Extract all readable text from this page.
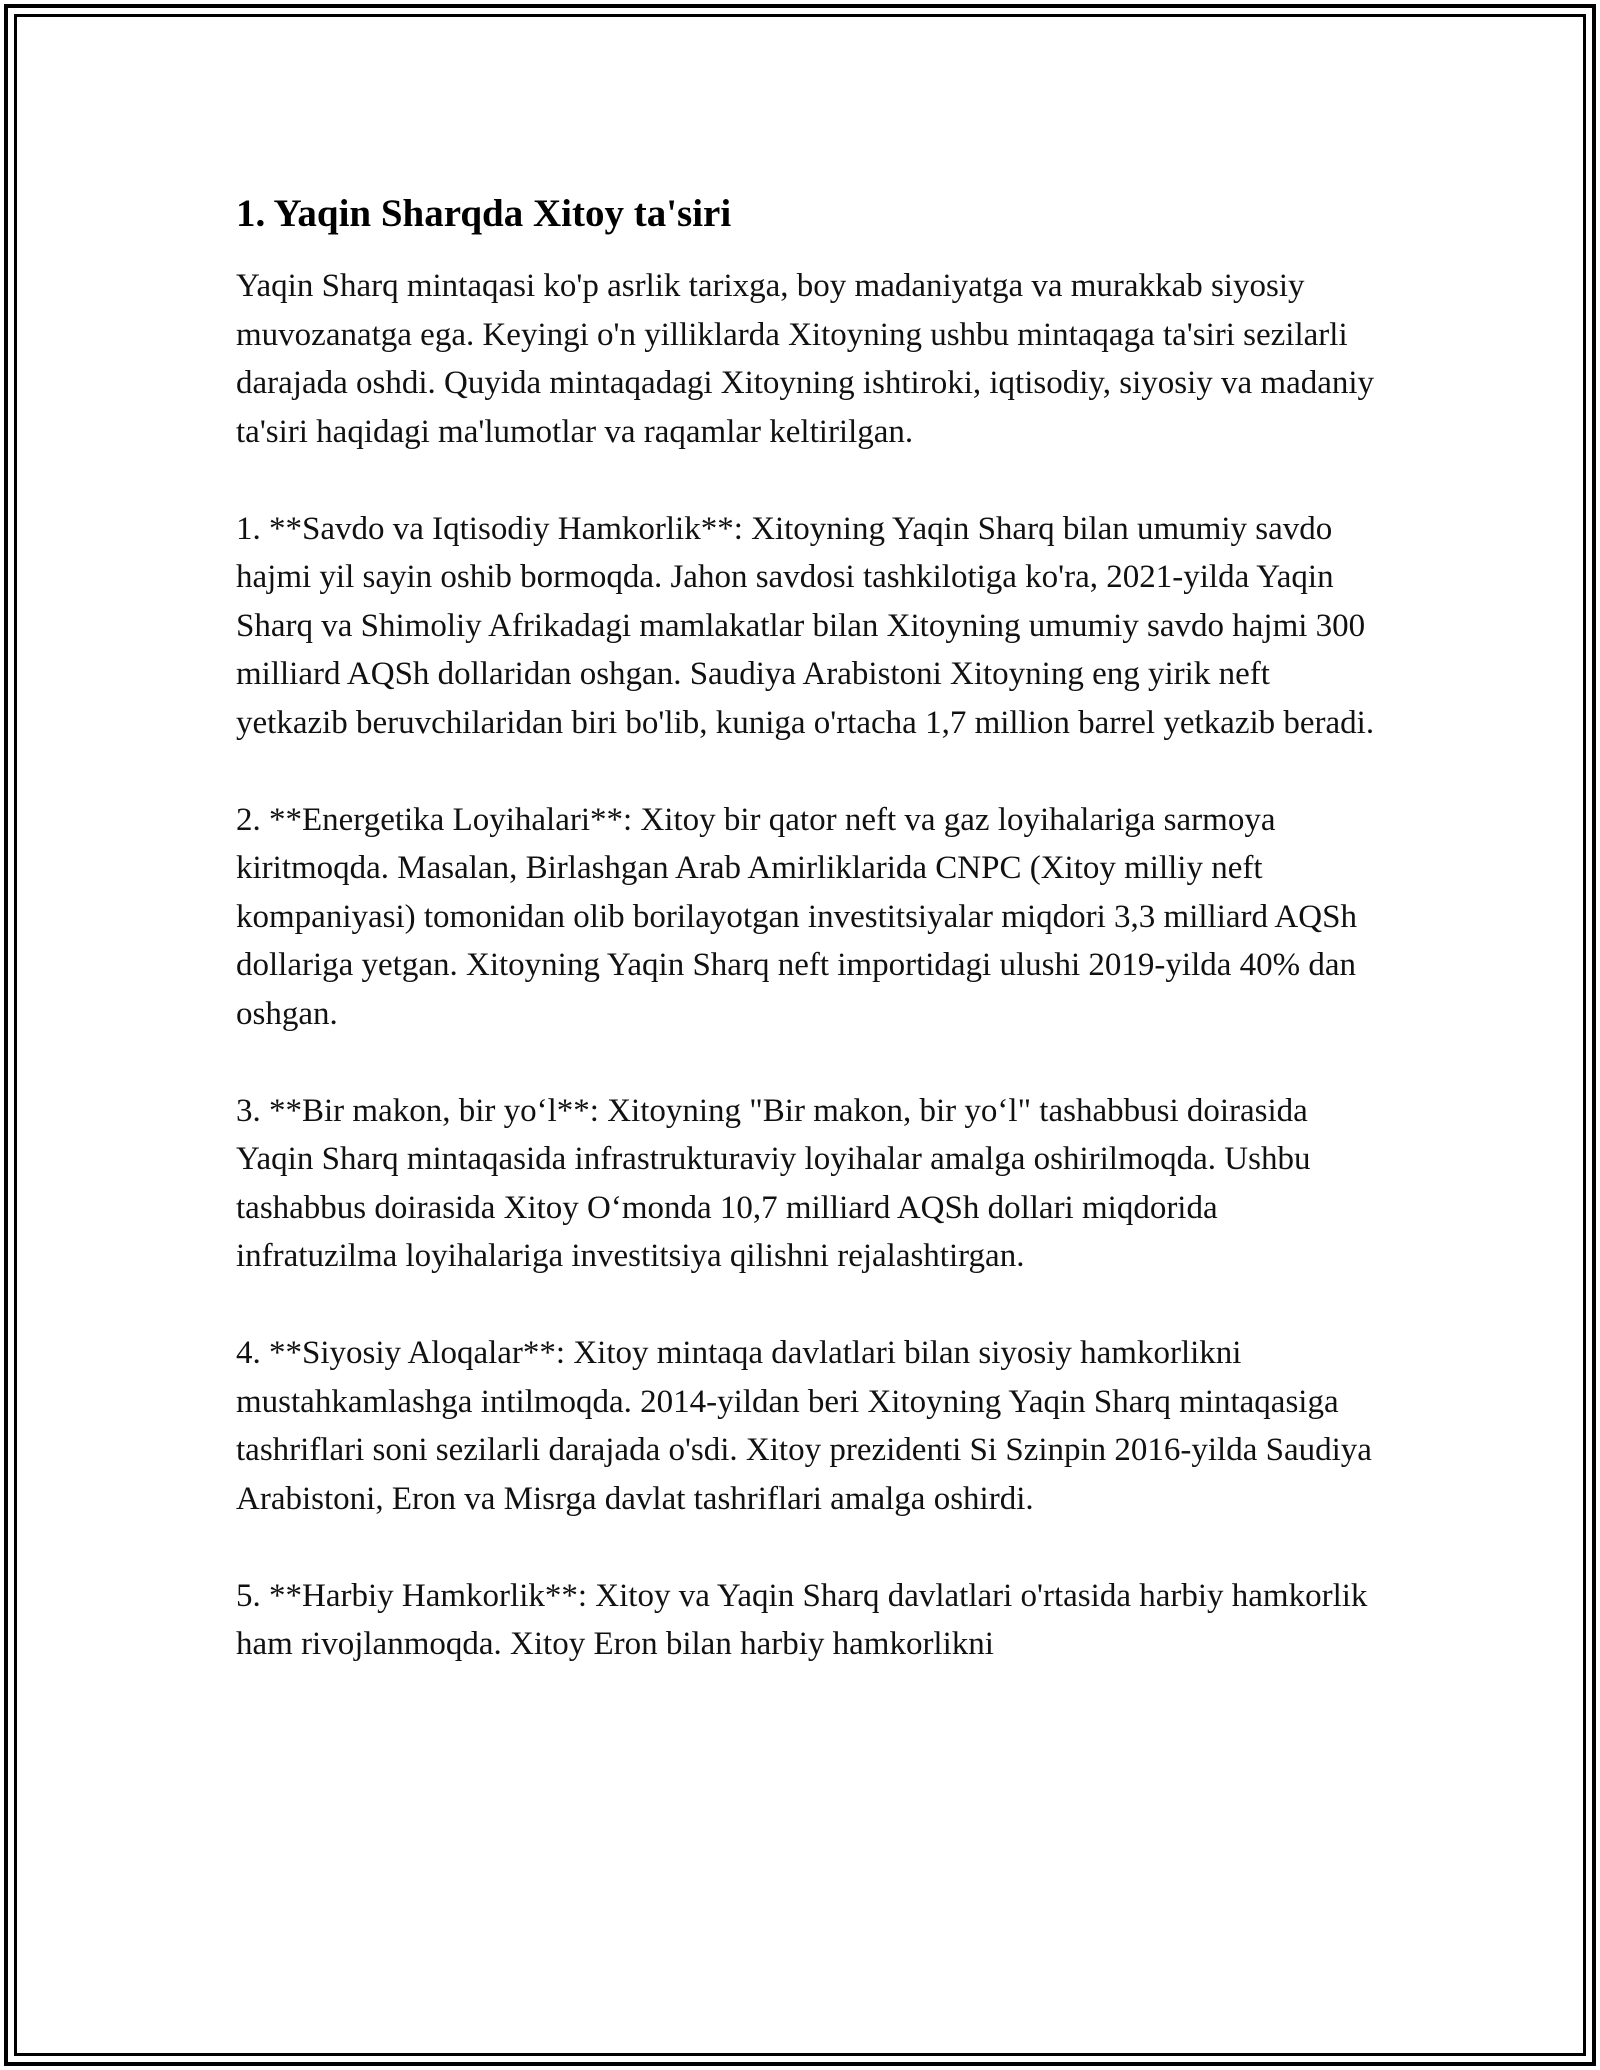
1. Yaqin Sharqda Xitoy ta'siri

Yaqin Sharq mintaqasi ko'p asrlik tarixga, boy madaniyatga va murakkab siyosiy muvozanatga ega. Keyingi o'n yilliklarda Xitoyning ushbu mintaqaga ta'siri sezilarli darajada oshdi. Quyida mintaqadagi Xitoyning ishtiroki, iqtisodiy, siyosiy va madaniy ta'siri haqidagi ma'lumotlar va raqamlar keltirilgan.

1. **Savdo va Iqtisodiy Hamkorlik**: Xitoyning Yaqin Sharq bilan umumiy savdo hajmi yil sayin oshib bormoqda. Jahon savdosi tashkilotiga ko'ra, 2021-yilda Yaqin Sharq va Shimoliy Afrikadagi mamlakatlar bilan Xitoyning umumiy savdo hajmi 300 milliard AQSh dollaridan oshgan. Saudiya Arabistoni Xitoyning eng yirik neft yetkazib beruvchilaridan biri bo'lib, kuniga o'rtacha 1,7 million barrel yetkazib beradi.

2. **Energetika Loyihalari**: Xitoy bir qator neft va gaz loyihalariga sarmoya kiritmoqda. Masalan, Birlashgan Arab Amirliklarida CNPC (Xitoy milliy neft kompaniyasi) tomonidan olib borilayotgan investitsiyalar miqdori 3,3 milliard AQSh dollariga yetgan. Xitoyning Yaqin Sharq neft importidagi ulushi 2019-yilda 40% dan oshgan.

3. **Bir makon, bir yo‘l**: Xitoyning "Bir makon, bir yo‘l" tashabbusi doirasida Yaqin Sharq mintaqasida infrastrukturaviy loyihalar amalga oshirilmoqda. Ushbu tashabbus doirasida Xitoy O‘monda 10,7 milliard AQSh dollari miqdorida infratuzilma loyihalariga investitsiya qilishni rejalashtirgan.

4. **Siyosiy Aloqalar**: Xitoy mintaqa davlatlari bilan siyosiy hamkorlikni mustahkamlashga intilmoqda. 2014-yildan beri Xitoyning Yaqin Sharq mintaqasiga tashriflari soni sezilarli darajada o'sdi. Xitoy prezidenti Si Szinpin 2016-yilda Saudiya Arabistoni, Eron va Misrga davlat tashriflari amalga oshirdi.

5. **Harbiy Hamkorlik**: Xitoy va Yaqin Sharq davlatlari o'rtasida harbiy hamkorlik ham rivojlanmoqda. Xitoy Eron bilan harbiy hamkorlikni
